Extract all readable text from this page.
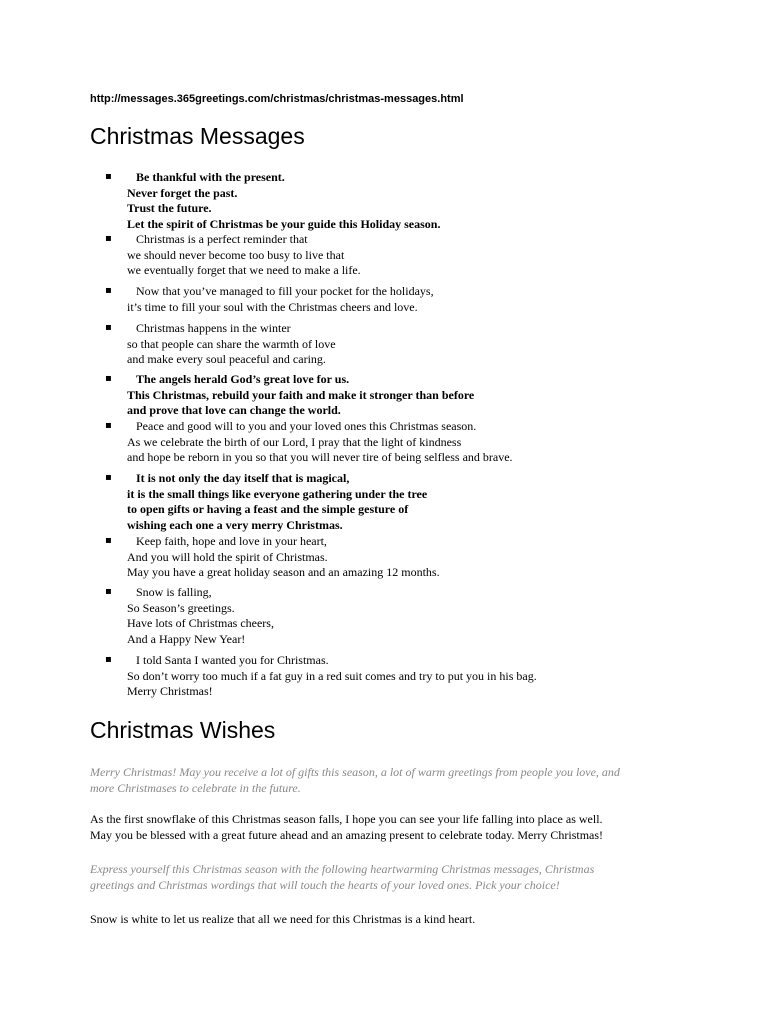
http://messages.365greetings.com/christmas/christmas-messages.html
Christmas Messages
▪	Be thankful with the present.
Never forget the past.
Trust the future.
Let the spirit of Christmas be your guide this Holiday season.
▪	Christmas is a perfect reminder that
we should never become too busy to live that
we eventually forget that we need to make a life.
▪	Now that you’ve managed to fill your pocket for the holidays,
it’s time to fill your soul with the Christmas cheers and love.
▪	Christmas happens in the winter
so that people can share the warmth of love
and make every soul peaceful and caring.
▪	The angels herald God’s great love for us.
This Christmas, rebuild your faith and make it stronger than before
and prove that love can change the world.
▪	Peace and good will to you and your loved ones this Christmas season.
As we celebrate the birth of our Lord, I pray that the light of kindness
and hope be reborn in you so that you will never tire of being selfless and brave.
▪	It is not only the day itself that is magical,
it is the small things like everyone gathering under the tree
to open gifts or having a feast and the simple gesture of
wishing each one a very merry Christmas.
▪	Keep faith, hope and love in your heart,
And you will hold the spirit of Christmas.
May you have a great holiday season and an amazing 12 months.
▪	Snow is falling,
So Season’s greetings.
Have lots of Christmas cheers,
And a Happy New Year!
▪	I told Santa I wanted you for Christmas.
So don’t worry too much if a fat guy in a red suit comes and try to put you in his bag.
Merry Christmas!
Christmas Wishes
Merry Christmas! May you receive a lot of gifts this season, a lot of warm greetings from people you love, and
more Christmases to celebrate in the future.
As the first snowflake of this Christmas season falls, I hope you can see your life falling into place as well.
May you be blessed with a great future ahead and an amazing present to celebrate today. Merry Christmas!
Express yourself this Christmas season with the following heartwarming Christmas messages, Christmas
greetings and Christmas wordings that will touch the hearts of your loved ones. Pick your choice!
Snow is white to let us realize that all we need for this Christmas is a kind heart.
